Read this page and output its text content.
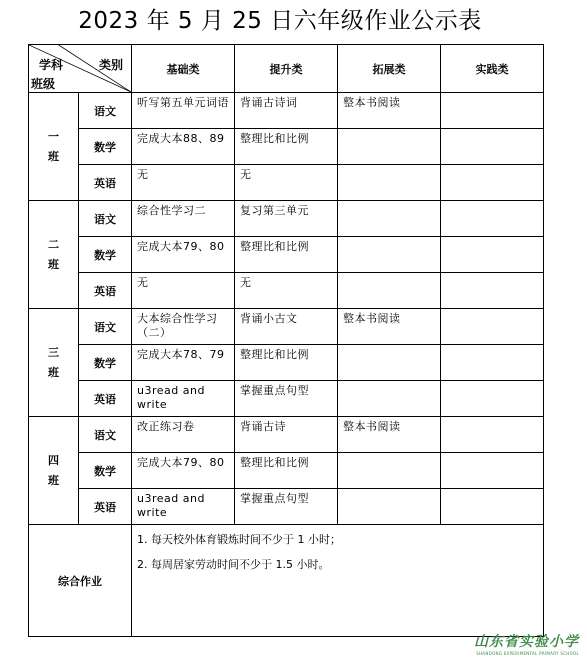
2023 年 5 月 25 日六年级作业公示表
学科 类别
班级		基础类	提升类	拓展类	实践类
一班	语文	听写第五单元词语	背诵古诗词	整本书阅读	
	数学	完成大本88、89	整理比和比例		
	英语	无	无		
二班	语文	综合性学习二	复习第三单元		
	数学	完成大本79、80	整理比和比例		
	英语	无	无		
三班	语文	大本综合性学习（二）	背诵小古文	整本书阅读	
	数学	完成大本78、79	整理比和比例		
	英语	u3read and write	掌握重点句型		
四班	语文	改正练习卷	背诵古诗	整本书阅读	
	数学	完成大本79、80	整理比和比例		
	英语	u3read and write	掌握重点句型		
综合作业		1. 每天校外体育锻炼时间不少于 1 小时；
2. 每周居家劳动时间不少于 1.5 小时。			
山东省实验小学
SHANDONG EXPERIMENTAL PRIMARY SCHOOL
